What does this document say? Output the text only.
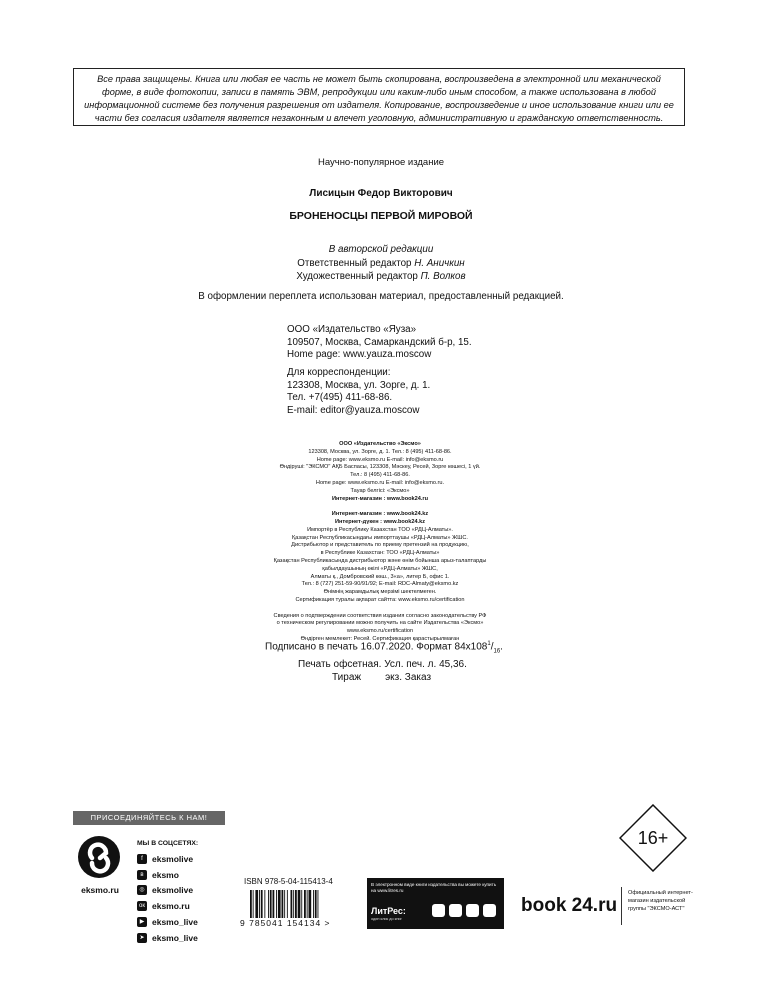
Все права защищены. Книга или любая ее часть не может быть скопирована, воспроизведена в электронной или механической форме, в виде фотокопии, записи в память ЭВМ, репродукции или каким-либо иным способом, а также использована в любой информационной системе без получения разрешения от издателя. Копирование, воспроизведение и иное использование книги или ее части без согласия издателя является незаконным и влечет уголовную, административную и гражданскую ответственность.
Научно-популярное издание
Лисицын Федор Викторович
БРОНЕНОСЦЫ ПЕРВОЙ МИРОВОЙ
В авторской редакции
Ответственный редактор Н. Аничкин
Художественный редактор П. Волков
В оформлении переплета использован материал, предоставленный редакцией.
ООО «Издательство «Яуза»
109507, Москва, Самаркандский б-р, 15.
Home page: www.yauza.moscow
Для корреспонденции:
123308, Москва, ул. Зорге, д. 1.
Тел. +7(495) 411-68-86.
E-mail: editor@yauza.moscow
ООО «Издательство «Эксмо»
123308, Москва, ул. Зорге, д. 1. Тел.: 8 (495) 411-68-86.
Home page: www.eksmo.ru E-mail: info@eksmo.ru
Өндіруші: "ЭКСМО" АҚБ Баспасы, 123308, Мәскеу, Ресей, Зорге көшесі, 1 үй.
Тел.: 8 (495) 411-68-86.
Home page: www.eksmo.ru E-mail: info@eksmo.ru.
Тауар белгісі: «Эксмо»
Интернет-магазин : www.book24.ru

Интернет-магазин : www.book24.kz
Интернет-дүкен : www.book24.kz
Импортёр в Республику Казахстан ТОО «РДЦ-Алматы».
Қазақстан Республикасындағы импорттаушы «РДЦ-Алматы» ЖШС.
Дистрибьютор и представитель по приему претензий на продукцию,
в Республике Казахстан: ТОО «РДЦ-Алматы»
Қазақстан Республикасында дистрибьютор және өнім бойынша арыз-талаптарды
қабылдаушының өкілі «РДЦ-Алматы» ЖШС,
Алматы қ., Домбровский көш., 3«а», литер Б, офис 1.
Тел.: 8 (727) 251-59-90/91/92; E-mail: RDC-Almaty@eksmo.kz
Өнімнің жарамдылық мерзімі шектелмеген.
Сертификация туралы ақпарат сайтта: www.eksmo.ru/certification

Сведения о подтверждении соответствия издания согласно законодательству РФ
о техническом регулировании можно получить на сайте Издательства «Эксмо»
www.eksmo.ru/certification
Өндірген мемлекет: Ресей. Сертификация қарастырылмаған
Подписано в печать 16.07.2020. Формат $84x108^1/_{16}$.
Печать офсетная. Усл. печ. л. 45,36.
Тираж экз. Заказ
ПРИСОЕДИНЯЙТЕСЬ К НАМ!
eksmo.ru
МЫ В СОЦСЕТЯХ:
f	eksmolive
в eksmo
◎ eksmolive
ок eksmo.ru
▶ eksmo_live
➤ eksmo_live
16+
ISBN 978-5-04-115413-4
9 785041 154134 >
В электронном виде книги издательства вы можете купить на www.litres.ru
ЛитРес:
один клик до книг
book 24.ru
Официальный интернет-магазин издательской группы "ЭКСМО-АСТ"
